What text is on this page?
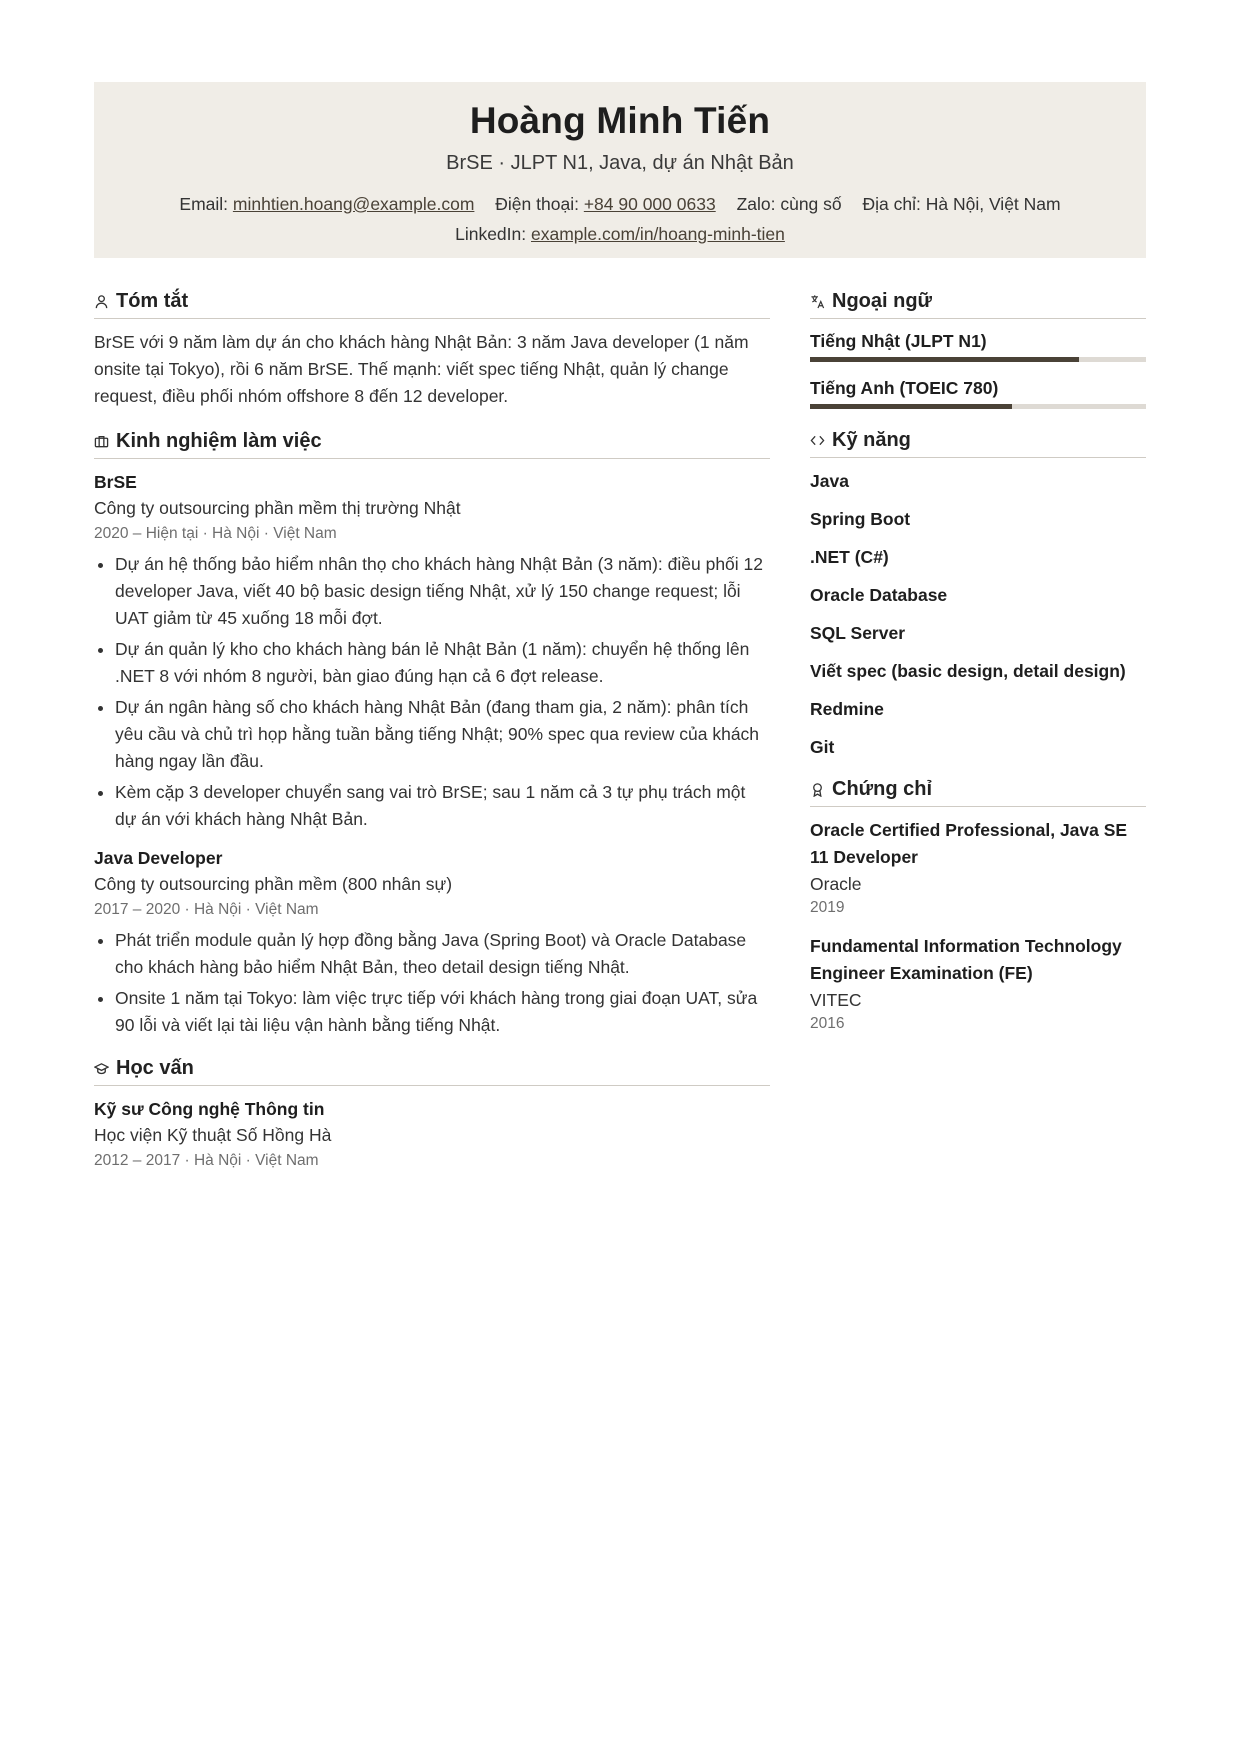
Hoàng Minh Tiến
BrSE · JLPT N1, Java, dự án Nhật Bản
Email: minhtien.hoang@example.com Điện thoại: +84 90 000 0633 Zalo: cùng số Địa chỉ: Hà Nội, Việt Nam
LinkedIn: example.com/in/hoang-minh-tien
Tóm tắt

BrSE với 9 năm làm dự án cho khách hàng Nhật Bản: 3 năm Java developer (1 năm onsite tại Tokyo), rồi 6 năm BrSE. Thế mạnh: viết spec tiếng Nhật, quản lý change request, điều phối nhóm offshore 8 đến 12 developer.

Kinh nghiệm làm việc
BrSE
Công ty outsourcing phần mềm thị trường Nhật
2020 – Hiện tại · Hà Nội · Việt Nam
• Dự án hệ thống bảo hiểm nhân thọ cho khách hàng Nhật Bản (3 năm): điều phối 12 developer Java, viết 40 bộ basic design tiếng Nhật, xử lý 150 change request; lỗi UAT giảm từ 45 xuống 18 mỗi đợt.
• Dự án quản lý kho cho khách hàng bán lẻ Nhật Bản (1 năm): chuyển hệ thống lên .NET 8 với nhóm 8 người, bàn giao đúng hạn cả 6 đợt release.
• Dự án ngân hàng số cho khách hàng Nhật Bản (đang tham gia, 2 năm): phân tích yêu cầu và chủ trì họp hằng tuần bằng tiếng Nhật; 90% spec qua review của khách hàng ngay lần đầu.
• Kèm cặp 3 developer chuyển sang vai trò BrSE; sau 1 năm cả 3 tự phụ trách một dự án với khách hàng Nhật Bản.
Java Developer
Công ty outsourcing phần mềm (800 nhân sự)
2017 – 2020 · Hà Nội · Việt Nam
• Phát triển module quản lý hợp đồng bằng Java (Spring Boot) và Oracle Database cho khách hàng bảo hiểm Nhật Bản, theo detail design tiếng Nhật.
• Onsite 1 năm tại Tokyo: làm việc trực tiếp với khách hàng trong giai đoạn UAT, sửa 90 lỗi và viết lại tài liệu vận hành bằng tiếng Nhật.
Học vấn
Kỹ sư Công nghệ Thông tin
Học viện Kỹ thuật Số Hồng Hà
2012 – 2017 · Hà Nội · Việt Nam
Ngoại ngữ
Tiếng Nhật (JLPT N1)
Tiếng Anh (TOEIC 780)
Kỹ năng
Java
Spring Boot
.NET (C#)
Oracle Database
SQL Server
Viết spec (basic design, detail design)
Redmine
Git
Chứng chỉ
Oracle Certified Professional, Java SE 11 Developer
Oracle
2019
Fundamental Information Technology Engineer Examination (FE)
VITEC
2016
